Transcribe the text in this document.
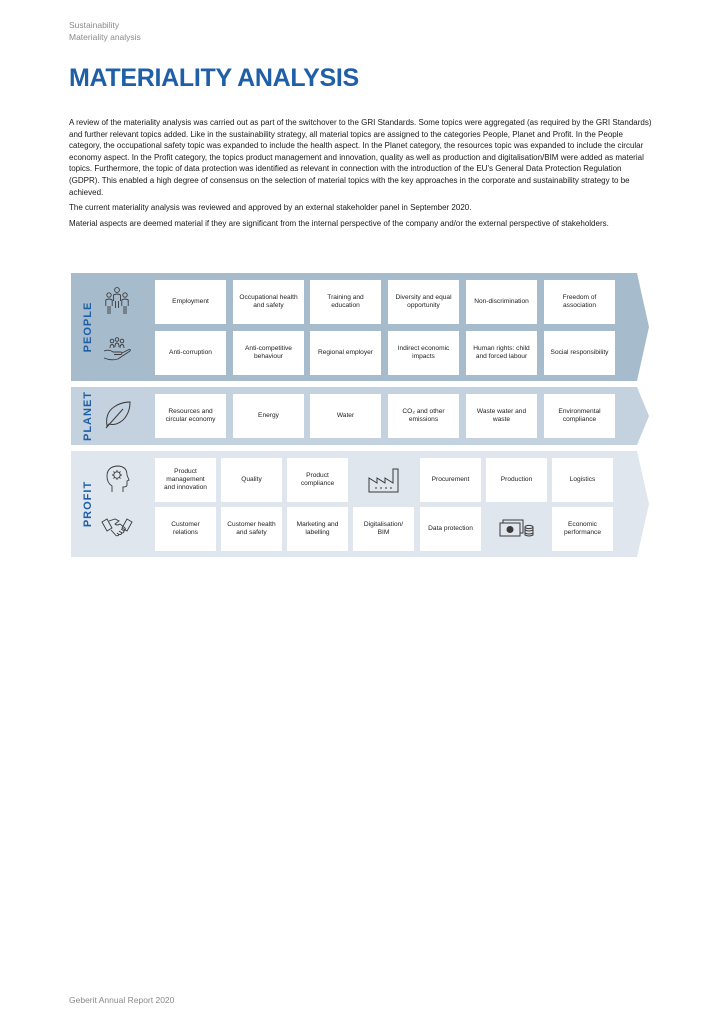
Sustainability
Materiality analysis
MATERIALITY ANALYSIS

A review of the materiality analysis was carried out as part of the switchover to the GRI Standards. Some topics were aggregated (as required by the GRI Standards) and further relevant topics added. Like in the sustainability strategy, all material topics are assigned to the categories People, Planet and Profit. In the People category, the occupational safety topic was expanded to include the health aspect. In the Planet category, the resources topic was expanded to include the circular economy aspect. In the Profit category, the topics product management and innovation, quality as well as production and digitalisation/BIM were added as material topics. Furthermore, the topic of data protection was identified as relevant in connection with the introduction of the EU's General Data Protection Regulation (GDPR). This enabled a high degree of consensus on the selection of material topics with the key approaches in the corporate and sustainability strategy to be achieved.

The current materiality analysis was reviewed and approved by an external stakeholder panel in September 2020.

Material aspects are deemed material if they are significant from the internal perspective of the company and/or the external perspective of stakeholders.

PEOPLE
Employment
Occupational health
and safety
Training and
education
Diversity and equal
opportunity
Non-discrimination
Freedom of
association
Anti-corruption
Anti-competitive
behaviour
Regional employer
Indirect economic
impacts
Human rights: child
and forced labour
Social responsibility
PLANET	Resources and
circular economy
Energy	Water
CO₂ and other
emissions
Waste water and
waste
Environmental
compliance
PROFIT
Product
management
and innovation
Quality
Product
compliance
Procurement	Production	Logistics
Customer
relations
Customer health
and safety
Marketing and
labelling
Digitalisation/
BIM
Data protection
Economic
performance
Geberit Annual Report 2020
